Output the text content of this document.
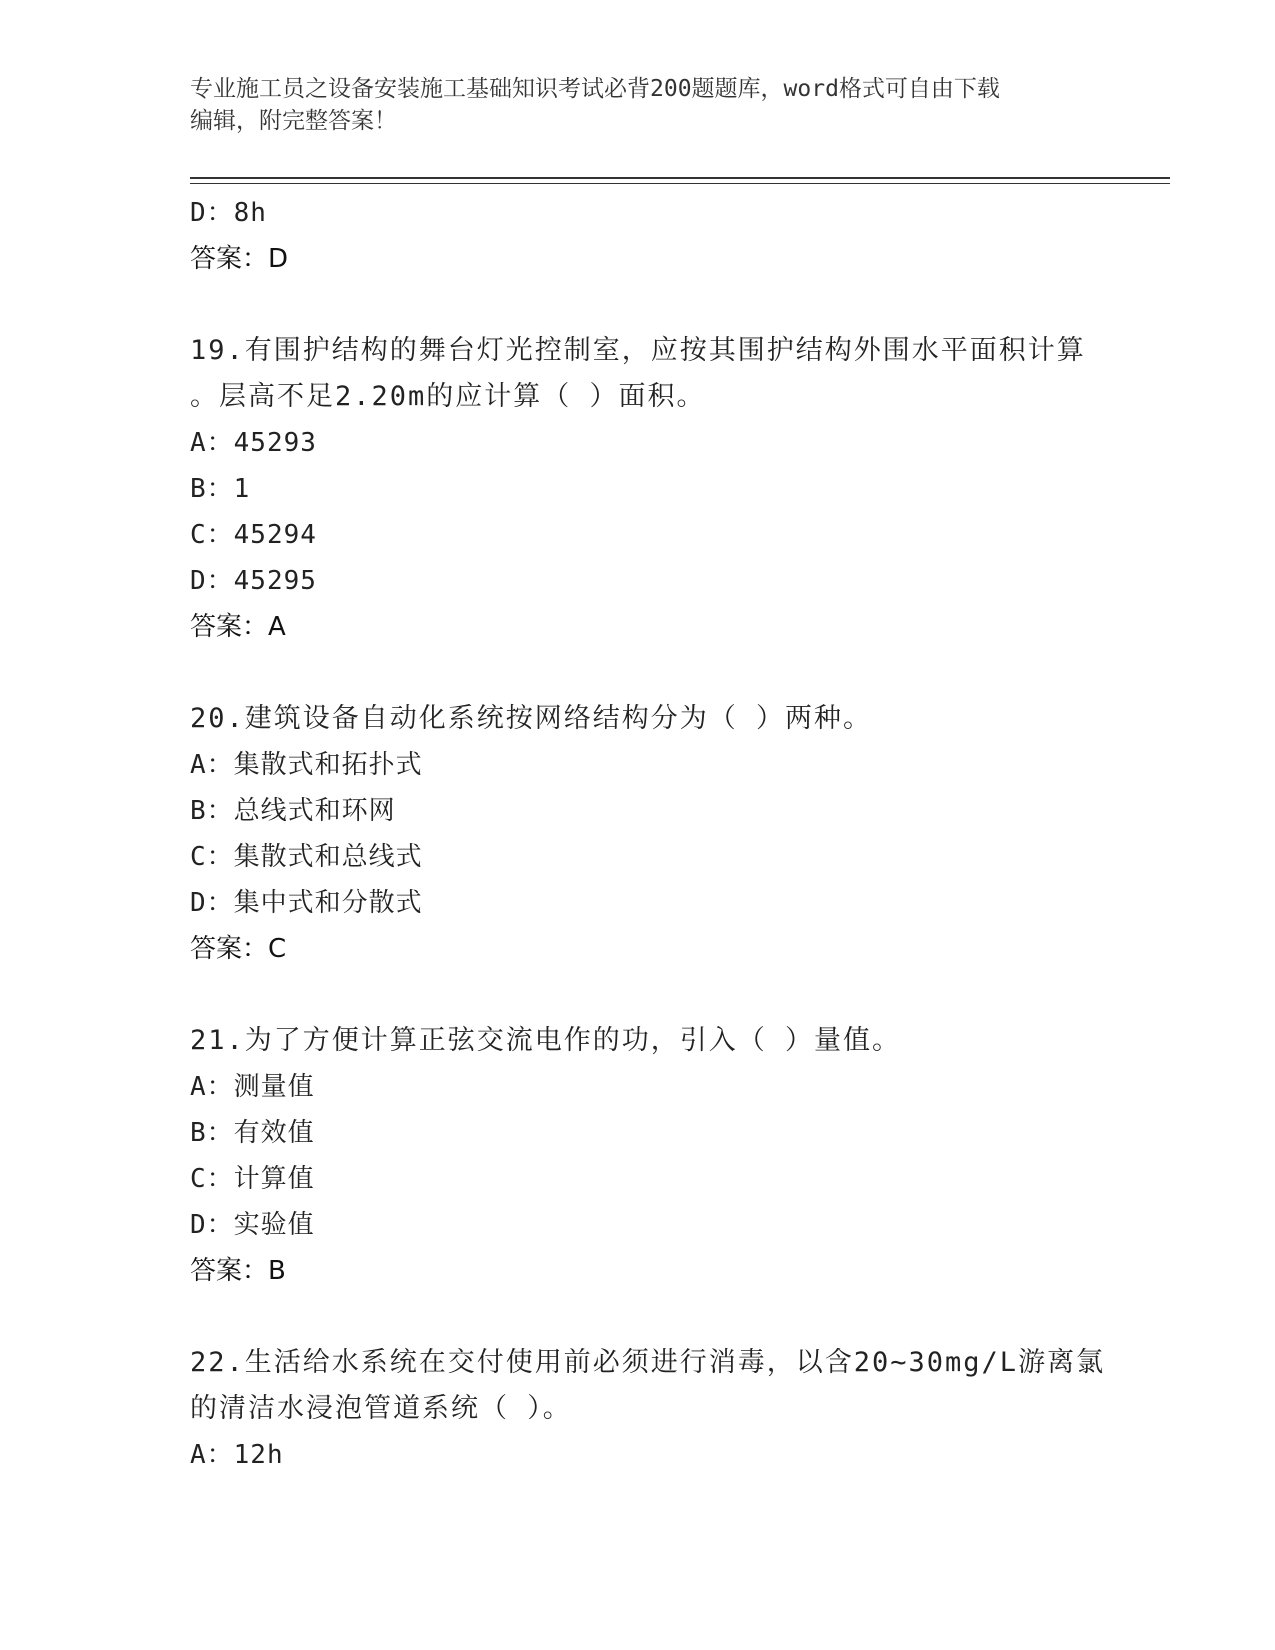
专业施工员之设备安装施工基础知识考试必背200题题库，word格式可自由下载
编辑，附完整答案！
D：8h
答案：D
19.有围护结构的舞台灯光控制室，应按其围护结构外围水平面积计算
。层高不足2.20m的应计算（ ）面积。
A：45293
B：1
C：45294
D：45295
答案：A
20.建筑设备自动化系统按网络结构分为（ ）两种。
A：集散式和拓扑式
B：总线式和环网
C：集散式和总线式
D：集中式和分散式
答案：C
21.为了方便计算正弦交流电作的功，引入（ ）量值。
A：测量值
B：有效值
C：计算值
D：实验值
答案：B
22.生活给水系统在交付使用前必须进行消毒，以含20~30mg/L游离氯
的清洁水浸泡管道系统（ ）。
A：12h
